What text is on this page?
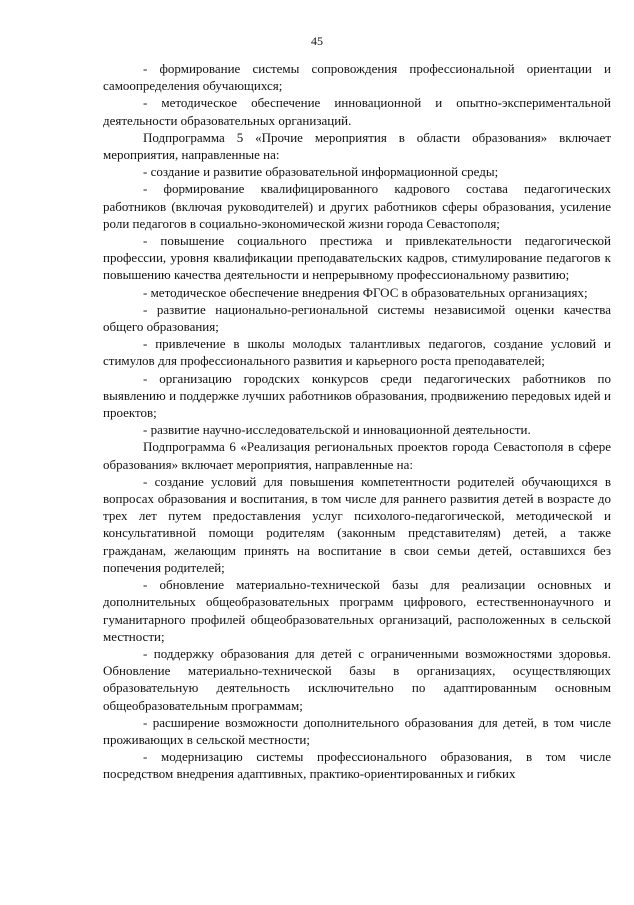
45

- формирование системы сопровождения профессиональной ориентации и самоопределения обучающихся;

- методическое обеспечение инновационной и опытно-экспериментальной деятельности образовательных организаций.

Подпрограмма 5 «Прочие мероприятия в области образования» включает мероприятия, направленные на:

- создание и развитие образовательной информационной среды;

- формирование квалифицированного кадрового состава педагогических работников (включая руководителей) и других работников сферы образования, усиление роли педагогов в социально-экономической жизни города Севастополя;

- повышение социального престижа и привлекательности педагогической профессии, уровня квалификации преподавательских кадров, стимулирование педагогов к повышению качества деятельности и непрерывному профессиональному развитию;

- методическое обеспечение внедрения ФГОС в образовательных организациях;

- развитие национально-региональной системы независимой оценки качества общего образования;

- привлечение в школы молодых талантливых педагогов, создание условий и стимулов для профессионального развития и карьерного роста преподавателей;

- организацию городских конкурсов среди педагогических работников по выявлению и поддержке лучших работников образования, продвижению передовых идей и проектов;

- развитие научно-исследовательской и инновационной деятельности.

Подпрограмма 6 «Реализация региональных проектов города Севастополя в сфере образования» включает мероприятия, направленные на:

- создание условий для повышения компетентности родителей обучающихся в вопросах образования и воспитания, в том числе для раннего развития детей в возрасте до трех лет путем предоставления услуг психолого-педагогической, методической и консультативной помощи родителям (законным представителям) детей, а также гражданам, желающим принять на воспитание в свои семьи детей, оставшихся без попечения родителей;

- обновление материально-технической базы для реализации основных и дополнительных общеобразовательных программ цифрового, естественнонаучного и гуманитарного профилей общеобразовательных организаций, расположенных в сельской местности;

- поддержку образования для детей с ограниченными возможностями здоровья. Обновление материально-технической базы в организациях, осуществляющих образовательную деятельность исключительно по адаптированным основным общеобразовательным программам;

- расширение возможности дополнительного образования для детей, в том числе проживающих в сельской местности;

- модернизацию системы профессионального образования, в том числе посредством внедрения адаптивных, практико-ориентированных и гибких
